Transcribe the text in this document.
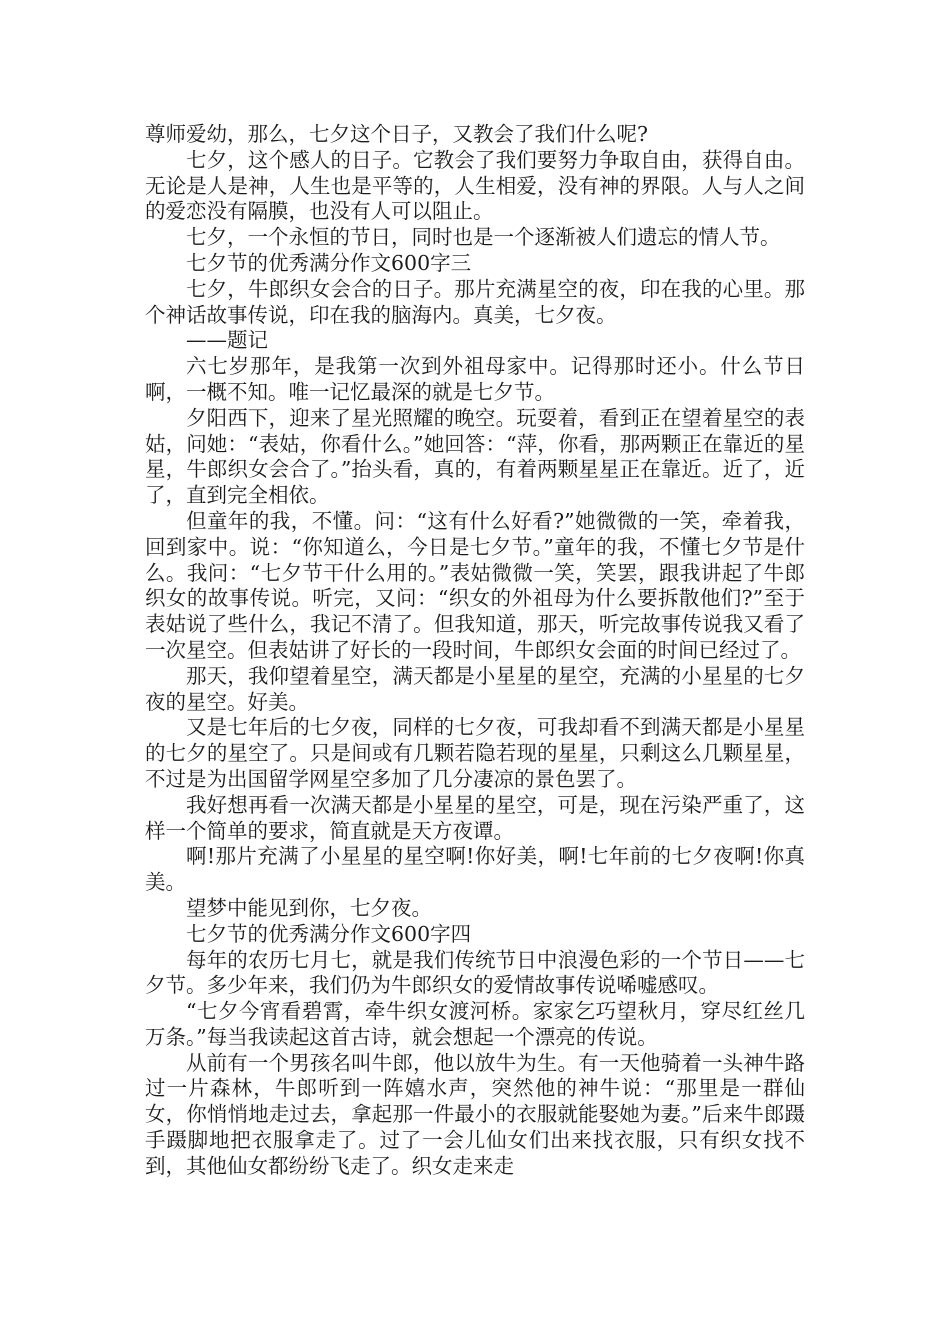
尊师爱幼，那么，七夕这个日子，又教会了我们什么呢?

七夕，这个感人的日子。它教会了我们要努力争取自由，获得自由。无论是人是神，人生也是平等的，人生相爱，没有神的界限。人与人之间的爱恋没有隔膜，也没有人可以阻止。

七夕，一个永恒的节日，同时也是一个逐渐被人们遗忘的情人节。

七夕节的优秀满分作文600字三

七夕，牛郎织女会合的日子。那片充满星空的夜，印在我的心里。那个神话故事传说，印在我的脑海内。真美，七夕夜。

——题记

六七岁那年，是我第一次到外祖母家中。记得那时还小。什么节日啊，一概不知。唯一记忆最深的就是七夕节。

夕阳西下，迎来了星光照耀的晚空。玩耍着，看到正在望着星空的表姑，问她：“表姑，你看什么。”她回答：“萍，你看，那两颗正在靠近的星星，牛郎织女会合了。”抬头看，真的，有着两颗星星正在靠近。近了，近了，直到完全相依。

但童年的我，不懂。问：“这有什么好看?”她微微的一笑，牵着我，回到家中。说：“你知道么，今日是七夕节。”童年的我，不懂七夕节是什么。我问：“七夕节干什么用的。”表姑微微一笑，笑罢，跟我讲起了牛郎织女的故事传说。听完，又问：“织女的外祖母为什么要拆散他们?”至于表姑说了些什么，我记不清了。但我知道，那天，听完故事传说我又看了一次星空。但表姑讲了好长的一段时间，牛郎织女会面的时间已经过了。

那天，我仰望着星空，满天都是小星星的星空，充满的小星星的七夕夜的星空。好美。

又是七年后的七夕夜，同样的七夕夜，可我却看不到满天都是小星星的七夕的星空了。只是间或有几颗若隐若现的星星，只剩这么几颗星星，不过是为出国留学网星空多加了几分凄凉的景色罢了。

我好想再看一次满天都是小星星的星空，可是，现在污染严重了，这样一个简单的要求，简直就是天方夜谭。

啊!那片充满了小星星的星空啊!你好美，啊!七年前的七夕夜啊!你真美。

望梦中能见到你，七夕夜。

七夕节的优秀满分作文600字四

每年的农历七月七，就是我们传统节日中浪漫色彩的一个节日——七夕节。多少年来，我们仍为牛郎织女的爱情故事传说唏嘘感叹。

“七夕今宵看碧霄，牵牛织女渡河桥。家家乞巧望秋月，穿尽红丝几万条。”每当我读起这首古诗，就会想起一个漂亮的传说。

从前有一个男孩名叫牛郎，他以放牛为生。有一天他骑着一头神牛路过一片森林，牛郎听到一阵嬉水声，突然他的神牛说：“那里是一群仙女，你悄悄地走过去，拿起那一件最小的衣服就能娶她为妻。”后来牛郎蹑手蹑脚地把衣服拿走了。过了一会儿仙女们出来找衣服，只有织女找不到，其他仙女都纷纷飞走了。织女走来走
